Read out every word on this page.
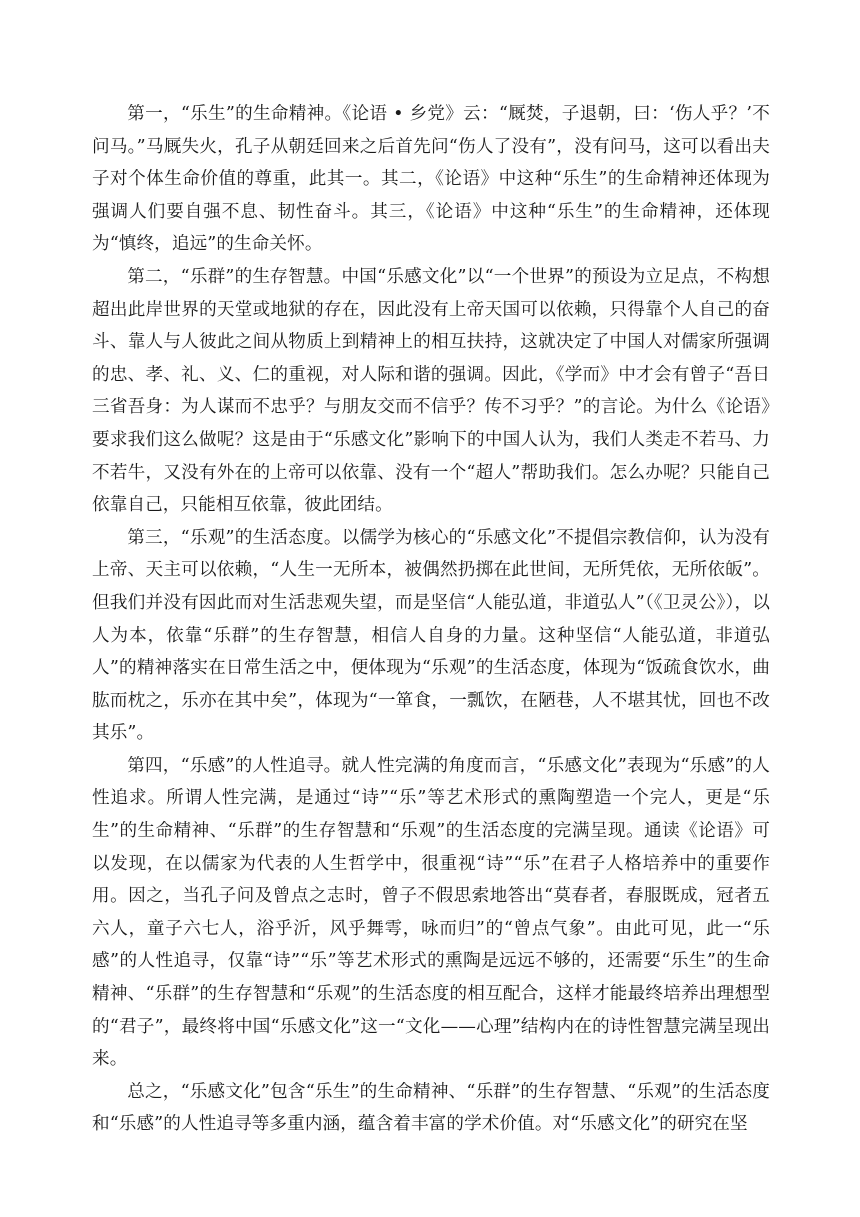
第一，“乐生”的生命精神。《论语 • 乡党》云：“厩焚，子退朝，曰：‘伤人乎？’不问马。”马厩失火，孔子从朝廷回来之后首先问“伤人了没有”，没有问马，这可以看出夫子对个体生命价值的尊重，此其一。其二，《论语》中这种“乐生”的生命精神还体现为强调人们要自强不息、韧性奋斗。其三，《论语》中这种“乐生”的生命精神，还体现为“慎终，追远”的生命关怀。

第二，“乐群”的生存智慧。中国“乐感文化”以“一个世界”的预设为立足点，不构想超出此岸世界的天堂或地狱的存在，因此没有上帝天国可以依赖，只得靠个人自己的奋斗、靠人与人彼此之间从物质上到精神上的相互扶持，这就决定了中国人对儒家所强调的忠、孝、礼、义、仁的重视，对人际和谐的强调。因此，《学而》中才会有曾子“吾日三省吾身：为人谋而不忠乎？与朋友交而不信乎？传不习乎？”的言论。为什么《论语》要求我们这么做呢？这是由于“乐感文化”影响下的中国人认为，我们人类走不若马、力不若牛，又没有外在的上帝可以依靠、没有一个“超人”帮助我们。怎么办呢？只能自己依靠自己，只能相互依靠，彼此团结。

第三，“乐观”的生活态度。以儒学为核心的“乐感文化”不提倡宗教信仰，认为没有上帝、天主可以依赖，“人生一无所本，被偶然扔掷在此世间，无所凭依，无所依皈”。但我们并没有因此而对生活悲观失望，而是坚信“人能弘道，非道弘人”（《卫灵公》），以人为本，依靠“乐群”的生存智慧，相信人自身的力量。这种坚信“人能弘道，非道弘人”的精神落实在日常生活之中，便体现为“乐观”的生活态度，体现为“饭疏食饮水，曲肱而枕之，乐亦在其中矣”，体现为“一箪食，一瓢饮，在陋巷，人不堪其忧，回也不改其乐”。

第四，“乐感”的人性追寻。就人性完满的角度而言，“乐感文化”表现为“乐感”的人性追求。所谓人性完满，是通过“诗”“乐”等艺术形式的熏陶塑造一个完人，更是“乐生”的生命精神、“乐群”的生存智慧和“乐观”的生活态度的完满呈现。通读《论语》可以发现，在以儒家为代表的人生哲学中，很重视“诗”“乐”在君子人格培养中的重要作用。因之，当孔子问及曾点之志时，曾子不假思索地答出“莫春者，春服既成，冠者五六人，童子六七人，浴乎沂，风乎舞雩，咏而归”的“曾点气象”。由此可见，此一“乐感”的人性追寻，仅靠“诗”“乐”等艺术形式的熏陶是远远不够的，还需要“乐生”的生命精神、“乐群”的生存智慧和“乐观”的生活态度的相互配合，这样才能最终培养出理想型的“君子”，最终将中国“乐感文化”这一“文化——心理”结构内在的诗性智慧完满呈现出来。

总之，“乐感文化”包含“乐生”的生命精神、“乐群”的生存智慧、“乐观”的生活态度和“乐感”的人性追寻等多重内涵，蕴含着丰富的学术价值。对“乐感文化”的研究在坚
